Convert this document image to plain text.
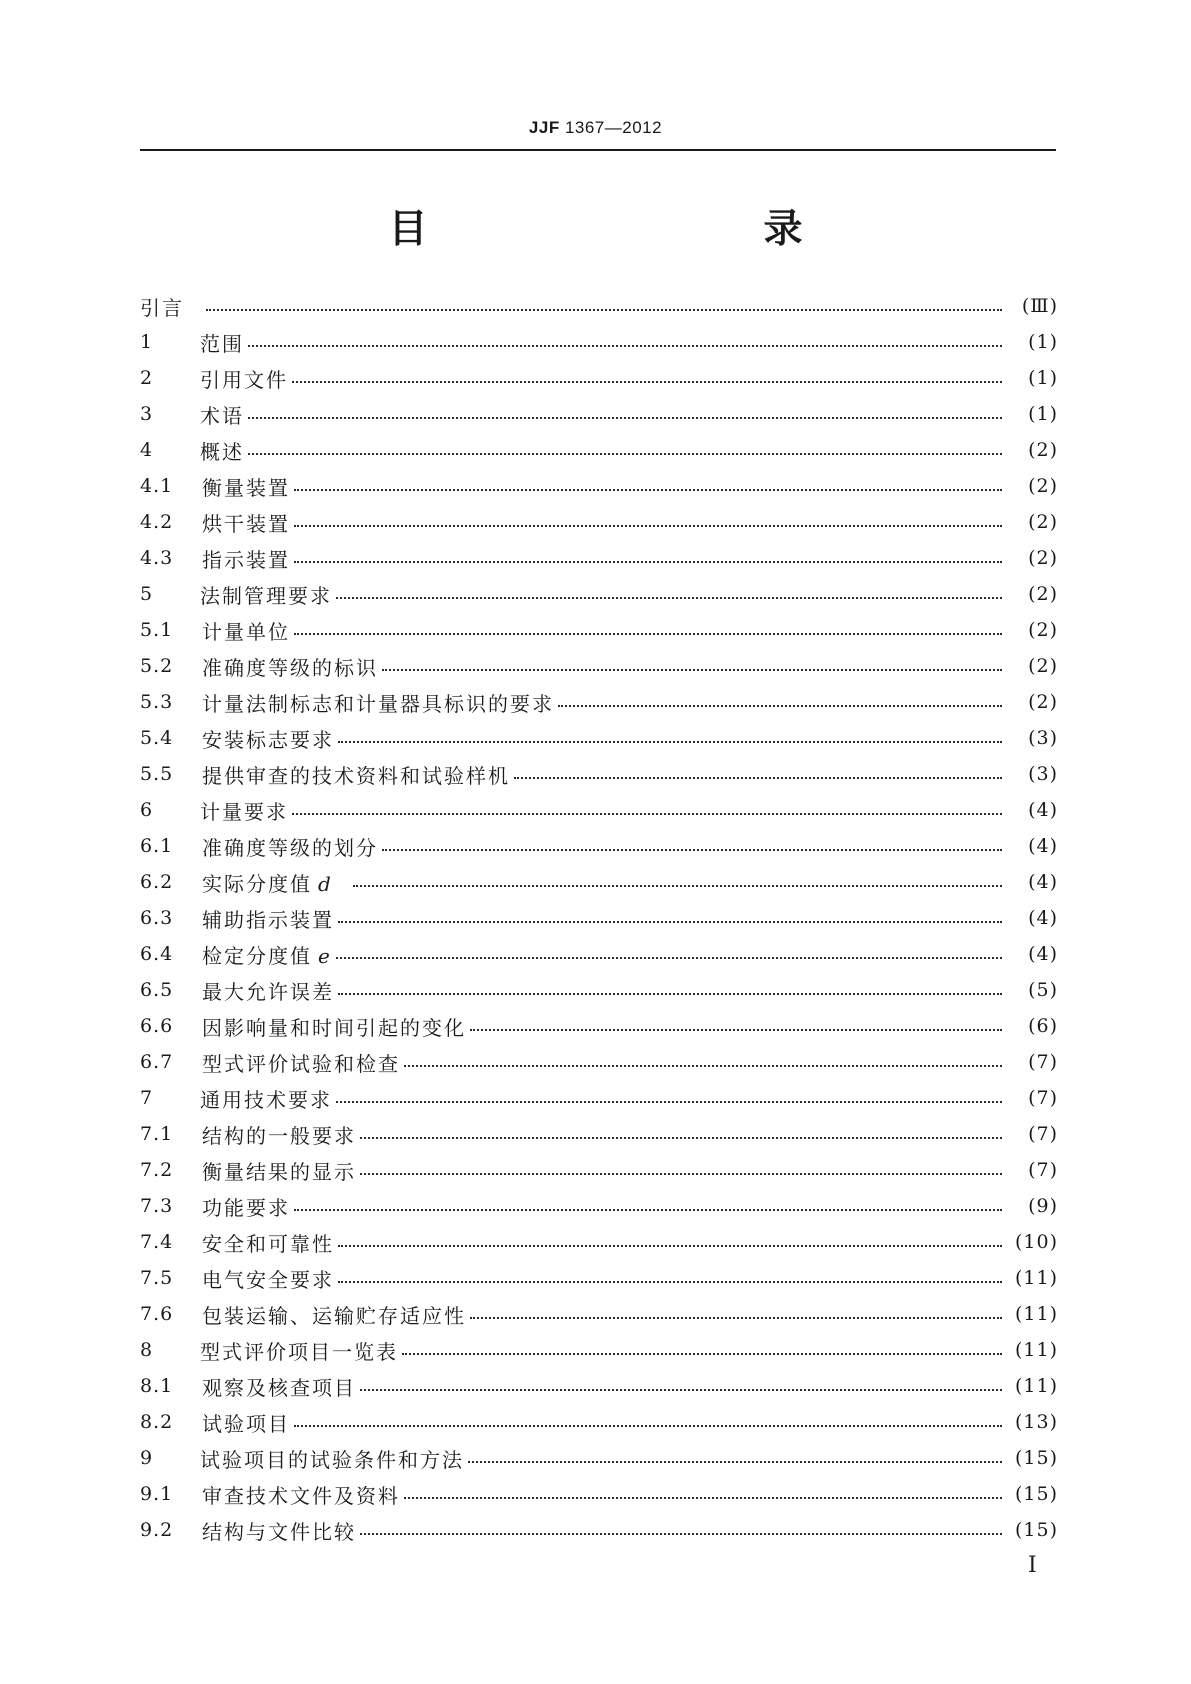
JJF 1367—2012
目　　录
引言	(Ⅲ)
1	范围	(1)
2	引用文件	(1)
3	术语	(1)
4	概述	(2)
4.1	衡量装置	(2)
4.2	烘干装置	(2)
4.3	指示装置	(2)
5	法制管理要求	(2)
5.1	计量单位	(2)
5.2	准确度等级的标识	(2)
5.3	计量法制标志和计量器具标识的要求	(2)
5.4	安装标志要求	(3)
5.5	提供审查的技术资料和试验样机	(3)
6	计量要求	(4)
6.1	准确度等级的划分	(4)
6.2	实际分度值 d	(4)
6.3	辅助指示装置	(4)
6.4	检定分度值 e	(4)
6.5	最大允许误差	(5)
6.6	因影响量和时间引起的变化	(6)
6.7	型式评价试验和检查	(7)
7	通用技术要求	(7)
7.1	结构的一般要求	(7)
7.2	衡量结果的显示	(7)
7.3	功能要求	(9)
7.4	安全和可靠性	(10)
7.5	电气安全要求	(11)
7.6	包装运输、运输贮存适应性	(11)
8	型式评价项目一览表	(11)
8.1	观察及核查项目	(11)
8.2	试验项目	(13)
9	试验项目的试验条件和方法	(15)
9.1	审查技术文件及资料	(15)
9.2	结构与文件比较	(15)
I
